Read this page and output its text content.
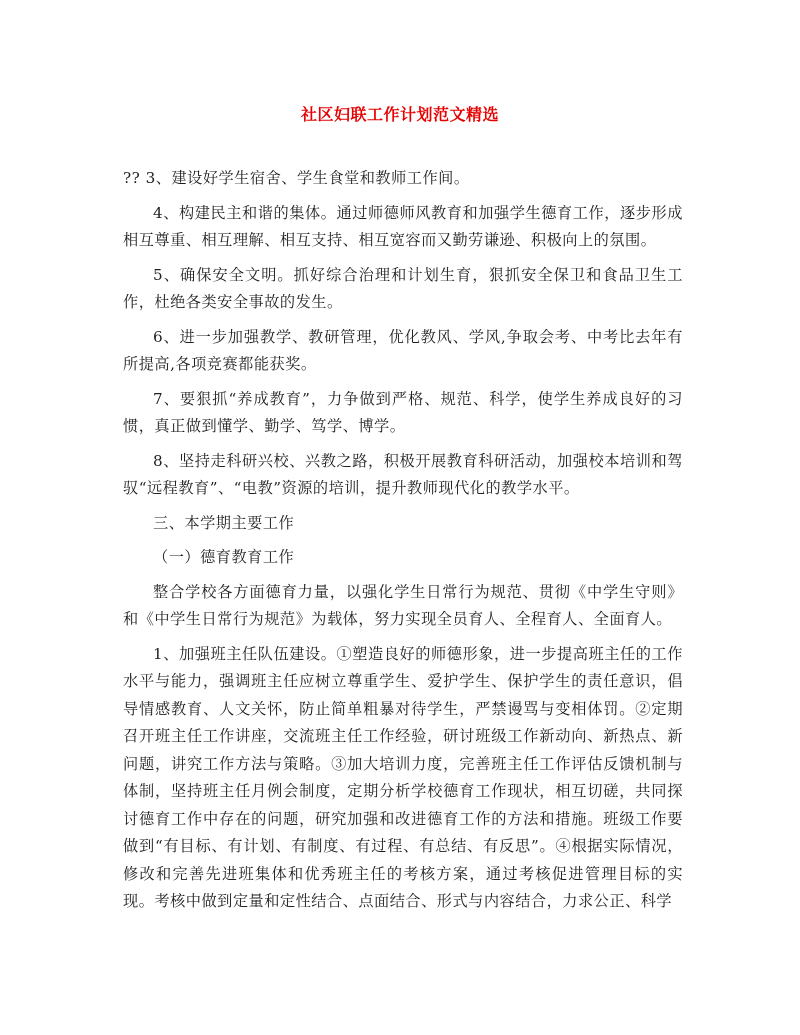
社区妇联工作计划范文精选

?? 3、建设好学生宿舍、学生食堂和教师工作间。

4、构建民主和谐的集体。通过师德师风教育和加强学生德育工作，逐步形成相互尊重、相互理解、相互支持、相互宽容而又勤劳谦逊、积极向上的氛围。

5、确保安全文明。抓好综合治理和计划生育，狠抓安全保卫和食品卫生工作，杜绝各类安全事故的发生。

6、进一步加强教学、教研管理，优化教风、学风,争取会考、中考比去年有所提高,各项竞赛都能获奖。

7、要狠抓“养成教育”，力争做到严格、规范、科学，使学生养成良好的习惯，真正做到懂学、勤学、笃学、博学。

8、坚持走科研兴校、兴教之路，积极开展教育科研活动，加强校本培训和驾驭“远程教育”、“电教”资源的培训，提升教师现代化的教学水平。

三、本学期主要工作

（一）德育教育工作

整合学校各方面德育力量，以强化学生日常行为规范、贯彻《中学生守则》和《中学生日常行为规范》为载体，努力实现全员育人、全程育人、全面育人。

1、加强班主任队伍建设。①塑造良好的师德形象，进一步提高班主任的工作水平与能力，强调班主任应树立尊重学生、爱护学生、保护学生的责任意识，倡导情感教育、人文关怀，防止简单粗暴对待学生，严禁谩骂与变相体罚。②定期召开班主任工作讲座，交流班主任工作经验，研讨班级工作新动向、新热点、新问题，讲究工作方法与策略。③加大培训力度，完善班主任工作评估反馈机制与体制，坚持班主任月例会制度，定期分析学校德育工作现状，相互切磋，共同探讨德育工作中存在的问题，研究加强和改进德育工作的方法和措施。班级工作要做到“有目标、有计划、有制度、有过程、有总结、有反思”。④根据实际情况，修改和完善先进班集体和优秀班主任的考核方案，通过考核促进管理目标的实现。考核中做到定量和定性结合、点面结合、形式与内容结合，力求公正、科学
